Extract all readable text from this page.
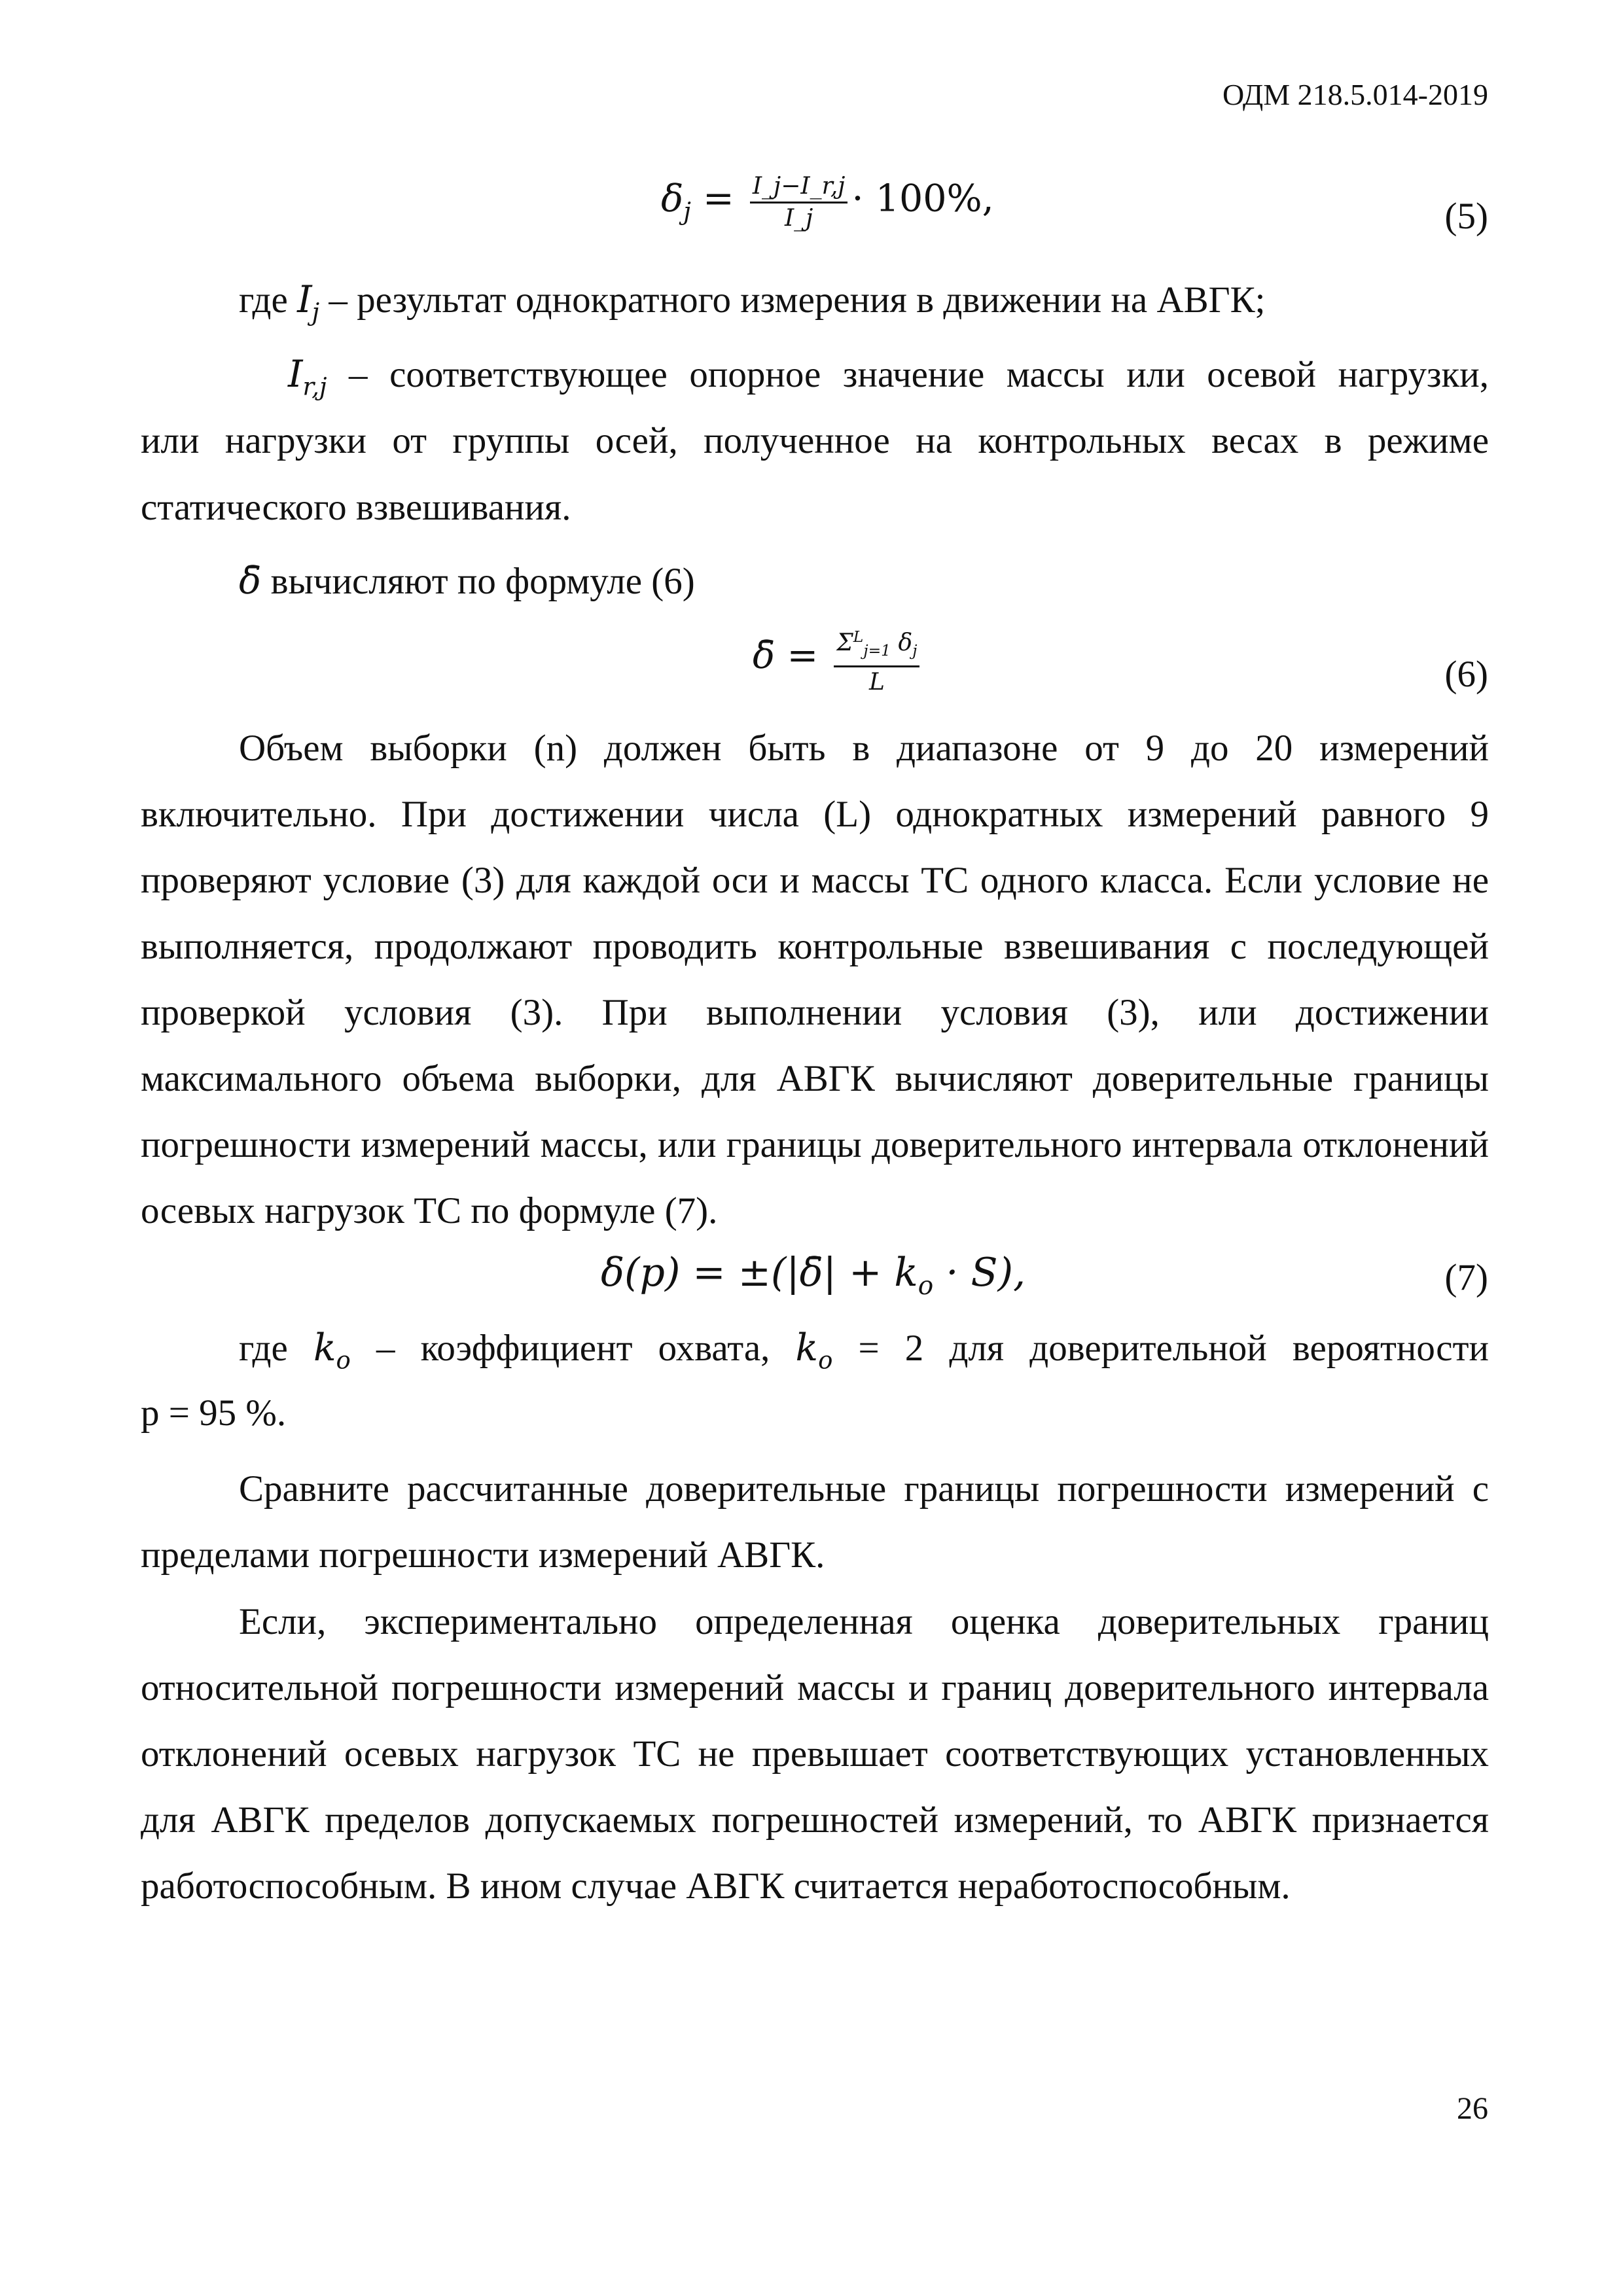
ОДМ 218.5.014-2019
$\delta_j = \frac{I\_j-I\_r,j}{I\_j} \cdot 100\%$,	(5)
где $I_j$ – результат однократного измерения в движении на АВГК;
$I_{r,j}$ – соответствующее опорное значение массы или осевой нагрузки,
или нагрузки от группы осей, полученное на контрольных весах в режиме статического взвешивания.
δ̄ вычисляют по формуле (6)
δ̄ = $\frac{\Sigma^L_{j=1} \delta_j}{L}$	(6)
Объем выборки (n) должен быть в диапазоне от 9 до 20 измерений включительно. При достижении числа (L) однократных измерений равного 9 проверяют условие (3) для каждой оси и массы ТС одного класса. Если условие не выполняется, продолжают проводить контрольные взвешивания с последующей проверкой условия (3). При выполнении условия (3), или достижении максимального объема выборки, для АВГК вычисляют доверительные границы погрешности измерений массы, или границы доверительного интервала отклонений осевых нагрузок ТС по формуле (7).
δ(p) = ±(|δ̄| + $k_o \cdot S$),	(7)
где $k_o$ – коэффициент охвата, $k_o = 2$ для доверительной вероятности
p = 95 %.
Сравните рассчитанные доверительные границы погрешности измерений с пределами погрешности измерений АВГК.
Если, экспериментально определенная оценка доверительных границ относительной погрешности измерений массы и границ доверительного интервала отклонений осевых нагрузок ТС не превышает соответствующих установленных для АВГК пределов допускаемых погрешностей измерений, то АВГК признается работоспособным. В ином случае АВГК считается неработоспособным.
26
